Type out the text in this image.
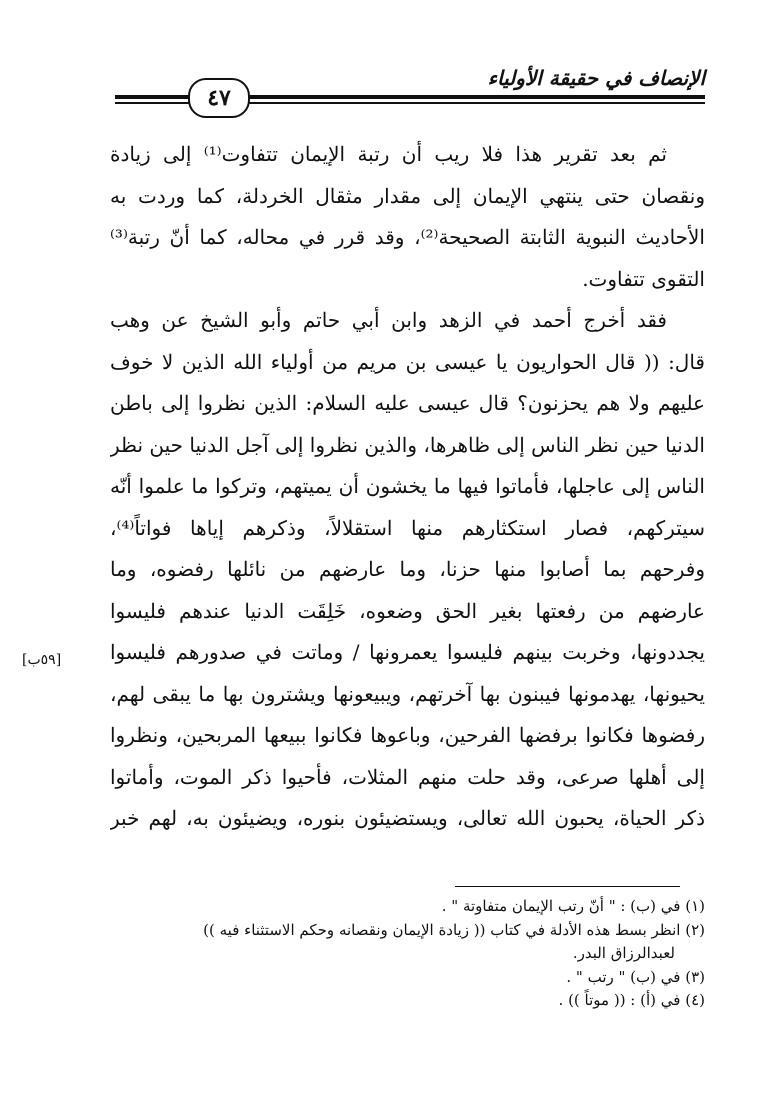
الإنصاف في حقيقة الأولياء
٤٧
ثم بعد تقرير هذا فلا ريب أن رتبة الإيمان تتفاوت⁽¹⁾ إلى زيادة
ونقصان حتى ينتهي الإيمان إلى مقدار مثقال الخردلة، كما وردت به
الأحاديث النبوية الثابتة الصحيحة⁽²⁾، وقد قرر في محاله، كما أنّ رتبة⁽³⁾
التقوى تتفاوت.
فقد أخرج أحمد في الزهد وابن أبي حاتم وأبو الشيخ عن وهب
قال: (( قال الحواريون يا عيسى بن مريم من أولياء الله الذين لا خوف
عليهم ولا هم يحزنون؟ قال عيسى عليه السلام: الذين نظروا إلى باطن
الدنيا حين نظر الناس إلى ظاهرها، والذين نظروا إلى آجل الدنيا حين نظر
الناس إلى عاجلها، فأماتوا فيها ما يخشون أن يميتهم، وتركوا ما علموا أنّه
سيتركهم، فصار استكثارهم منها استقلالاً، وذكرهم إياها فواتاً⁽⁴⁾،
وفرحهم بما أصابوا منها حزنا، وما عارضهم من نائلها رفضوه، وما
عارضهم من رفعتها بغير الحق وضعوه، خَلِقَت الدنيا عندهم فليسوا
يجددونها، وخربت بينهم فليسوا يعمرونها / وماتت في صدورهم فليسوا
يحيونها، يهدمونها فيبنون بها آخرتهم، ويبيعونها ويشترون بها ما يبقى لهم،
رفضوها فكانوا برفضها الفرحين، وباعوها فكانوا ببيعها المربحين، ونظروا
إلى أهلها صرعى، وقد حلت منهم المثلات، فأحيوا ذكر الموت، وأماتوا
ذكر الحياة، يحبون الله تعالى، ويستضيئون بنوره، ويضيئون به، لهم خبر
[٥٩ب]
(١) في (ب) : " أنّ رتب الإيمان متفاوتة " .
(٢) انظر بسط هذه الأدلة في كتاب (( زيادة الإيمان ونقصانه وحكم الاستثناء فيه ))
لعبدالرزاق البدر.
(٣) في (ب) " رتب " .
(٤) في (أ) : (( موتاً )) .
